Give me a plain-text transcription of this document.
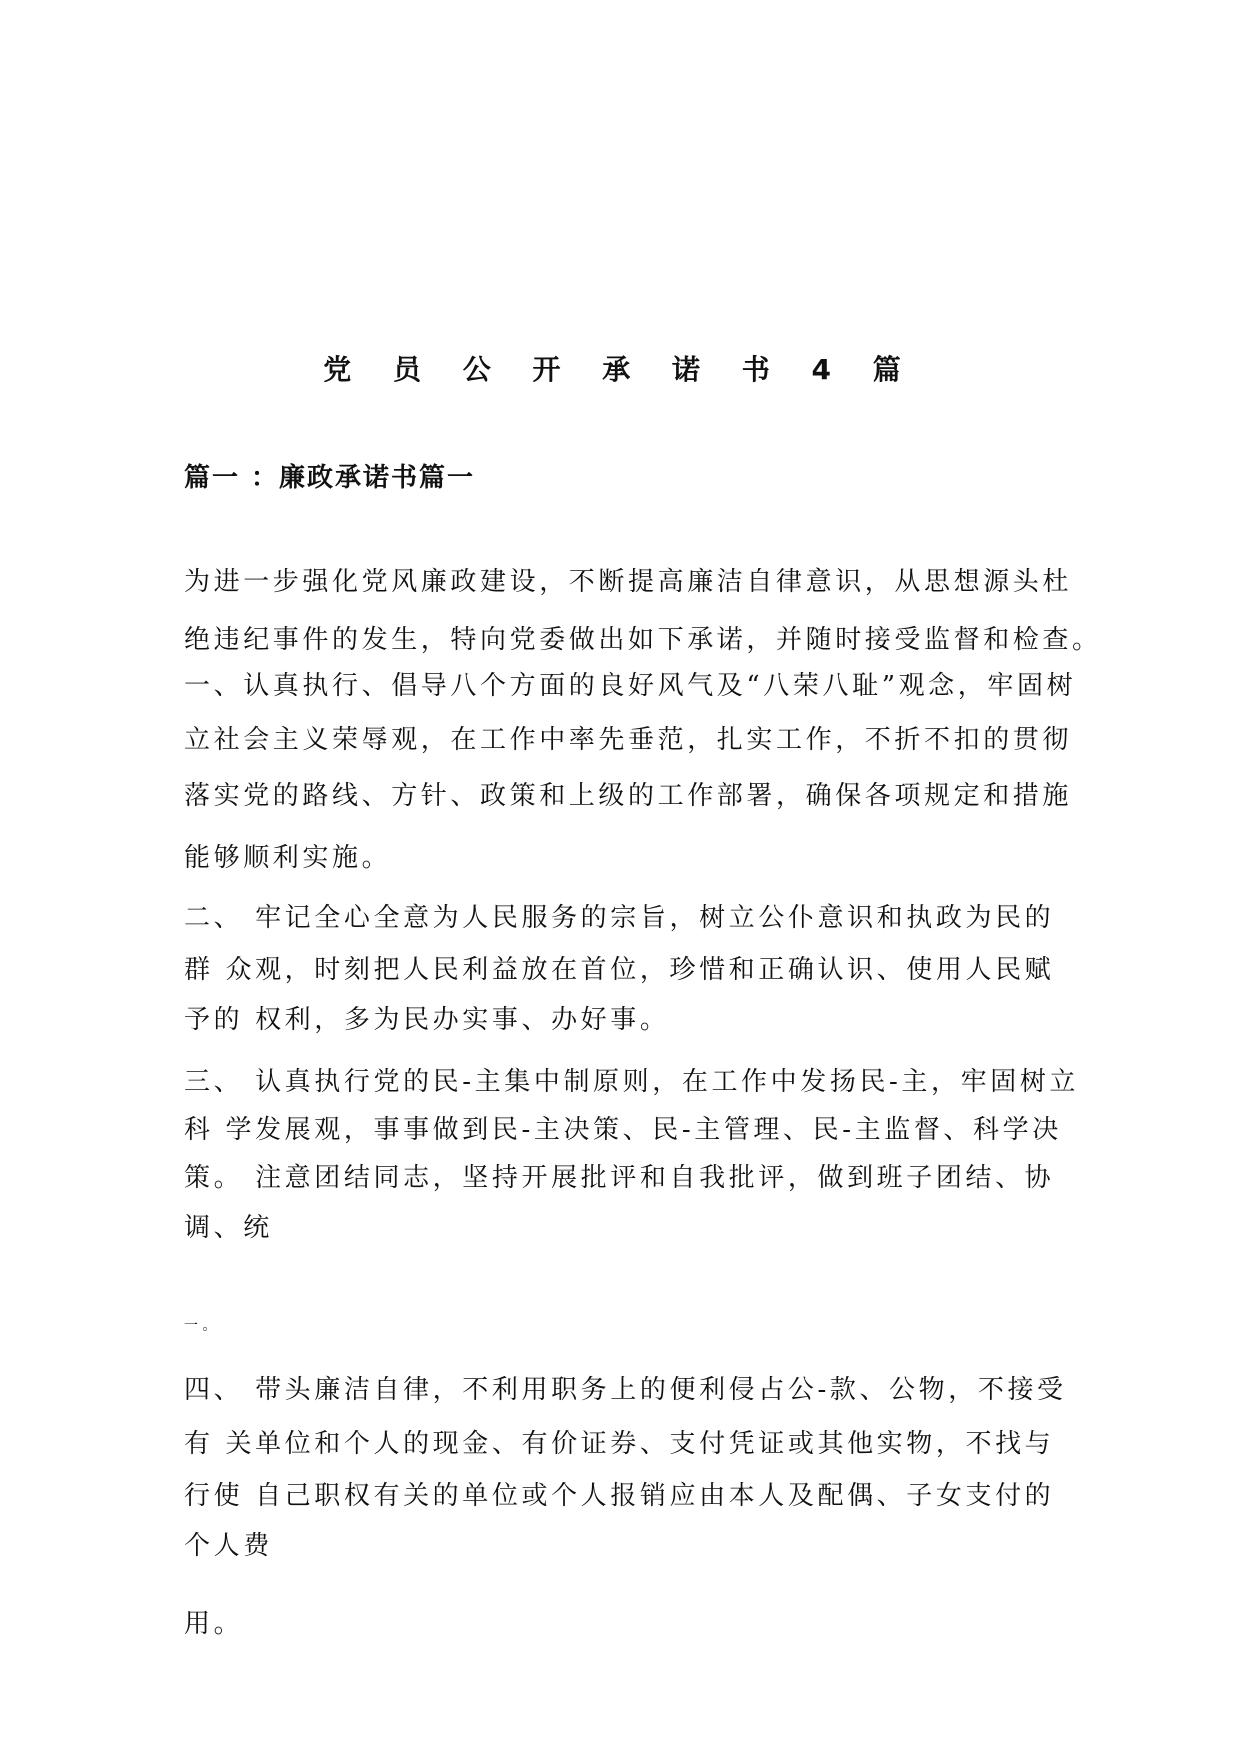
党 员 公 开 承 诺 书 4 篇
篇一 ：廉政承诺书篇一
为进一步强化党风廉政建设，不断提高廉洁自律意识，从思想源头杜
绝违纪事件的发生，特向党委做出如下承诺，并随时接受监督和检查。
一、认真执行、倡导八个方面的良好风气及“八荣八耻”观念，牢固树
立社会主义荣辱观，在工作中率先垂范，扎实工作，不折不扣的贯彻
落实党的路线、方针、政策和上级的工作部署，确保各项规定和措施
能够顺利实施。
二、 牢记全心全意为人民服务的宗旨，树立公仆意识和执政为民的
群 众观，时刻把人民利益放在首位，珍惜和正确认识、使用人民赋
予的 权利，多为民办实事、办好事。
三、 认真执行党的民-主集中制原则，在工作中发扬民-主，牢固树立
科 学发展观，事事做到民-主决策、民-主管理、民-主监督、科学决
策。 注意团结同志，坚持开展批评和自我批评，做到班子团结、协
调、统
一 。
四、 带头廉洁自律，不利用职务上的便利侵占公-款、公物，不接受
有 关单位和个人的现金、有价证券、支付凭证或其他实物，不找与
行使 自己职权有关的单位或个人报销应由本人及配偶、子女支付的
个人费
用。
